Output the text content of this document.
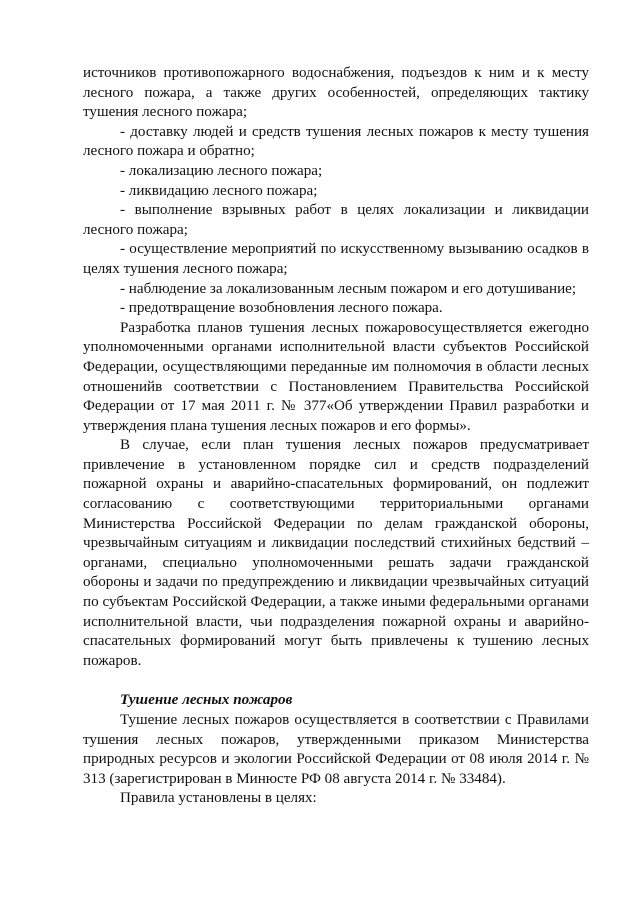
источников противопожарного водоснабжения, подъездов к ним и к месту лесного пожара, а также других особенностей, определяющих тактику тушения лесного пожара;

- доставку людей и средств тушения лесных пожаров к месту тушения лесного пожара и обратно;

- локализацию лесного пожара;

- ликвидацию лесного пожара;

- выполнение взрывных работ в целях локализации и ликвидации лесного пожара;

- осуществление мероприятий по искусственному вызыванию осадков в целях тушения лесного пожара;

- наблюдение за локализованным лесным пожаром и его дотушивание;

- предотвращение возобновления лесного пожара.

Разработка планов тушения лесных пожаровосуществляется ежегодно уполномоченными органами исполнительной власти субъектов Российской Федерации, осуществляющими переданные им полномочия в области лесных отношенийв соответствии с Постановлением Правительства Российской Федерации от 17 мая 2011 г. № 377«Об утверждении Правил разработки и утверждения плана тушения лесных пожаров и его формы».

В случае, если план тушения лесных пожаров предусматривает привлечение в установленном порядке сил и средств подразделений пожарной охраны и аварийно-спасательных формирований, он подлежит согласованию с соответствующими территориальными органами Министерства Российской Федерации по делам гражданской обороны, чрезвычайным ситуациям и ликвидации последствий стихийных бедствий – органами, специально уполномоченными решать задачи гражданской обороны и задачи по предупреждению и ликвидации чрезвычайных ситуаций по субъектам Российской Федерации, а также иными федеральными органами исполнительной власти, чьи подразделения пожарной охраны и аварийно-спасательных формирований могут быть привлечены к тушению лесных пожаров.

Тушение лесных пожаров

Тушение лесных пожаров осуществляется в соответствии с Правилами тушения лесных пожаров, утвержденными приказом Министерства природных ресурсов и экологии Российской Федерации от 08 июля 2014 г. № 313 (зарегистрирован в Минюсте РФ 08 августа 2014 г. № 33484).

Правила установлены в целях:
